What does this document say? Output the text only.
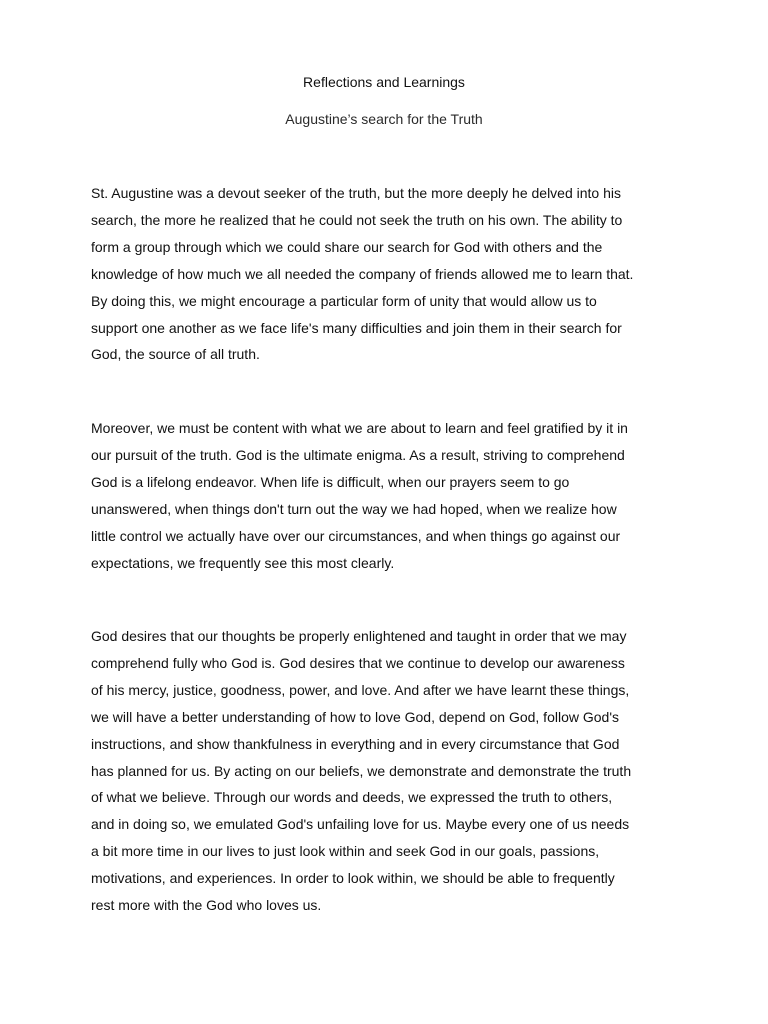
Reflections and Learnings
Augustine’s search for the Truth

St. Augustine was a devout seeker of the truth, but the more deeply he delved into his
search, the more he realized that he could not seek the truth on his own. The ability to
form a group through which we could share our search for God with others and the
knowledge of how much we all needed the company of friends allowed me to learn that.
By doing this, we might encourage a particular form of unity that would allow us to
support one another as we face life's many difficulties and join them in their search for
God, the source of all truth.

Moreover, we must be content with what we are about to learn and feel gratified by it in
our pursuit of the truth. God is the ultimate enigma. As a result, striving to comprehend
God is a lifelong endeavor. When life is difficult, when our prayers seem to go
unanswered, when things don't turn out the way we had hoped, when we realize how
little control we actually have over our circumstances, and when things go against our
expectations, we frequently see this most clearly.

God desires that our thoughts be properly enlightened and taught in order that we may
comprehend fully who God is. God desires that we continue to develop our awareness
of his mercy, justice, goodness, power, and love. And after we have learnt these things,
we will have a better understanding of how to love God, depend on God, follow God's
instructions, and show thankfulness in everything and in every circumstance that God
has planned for us. By acting on our beliefs, we demonstrate and demonstrate the truth
of what we believe. Through our words and deeds, we expressed the truth to others,
and in doing so, we emulated God's unfailing love for us. Maybe every one of us needs
a bit more time in our lives to just look within and seek God in our goals, passions,
motivations, and experiences. In order to look within, we should be able to frequently
rest more with the God who loves us.
